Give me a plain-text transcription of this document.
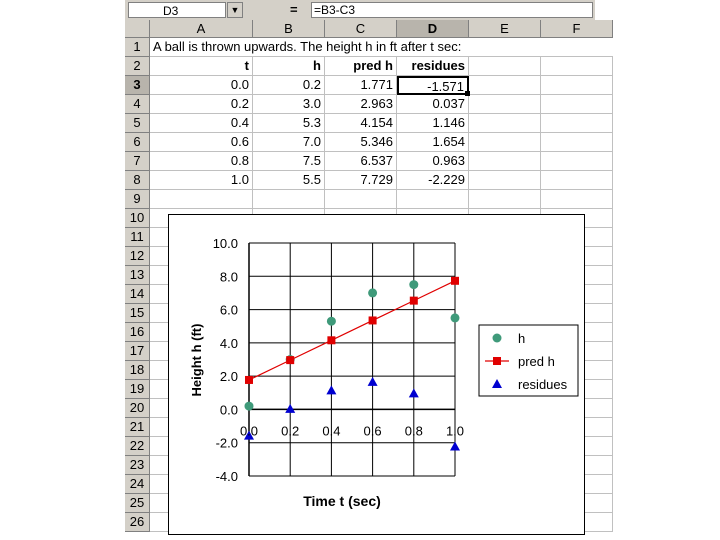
D3	▼	=	=B3-C3
A	B	C	D	E	F
1
2
3
4
5
6
7
8
9
10
11
12
13
14
15
16
17
18
19
20
21
22
23
24
25
26
A ball is thrown upwards. The height h in ft after t sec:
t	h	pred h	residues
0.0	0.2	1.771	-1.571
0.2	3.0	2.963	0.037
0.4	5.3	4.154	1.146
0.6	7.0	5.346	1.654
0.8	7.5	6.537	0.963
1.0	5.5	7.729	-2.229
0.0 0.2 0.4 0.6 0.8 1.0
10.0
8.0
6.0
4.0
2.0
0.0
-2.0
-4.0
Time t (sec)
Height h (ft)	h
pred h
residues
